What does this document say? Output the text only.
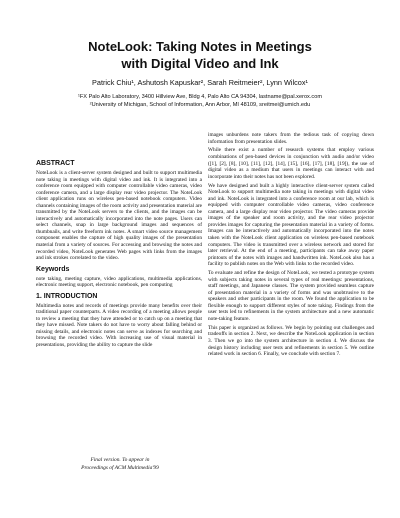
NoteLook: Taking Notes in Meetings
with Digital Video and Ink
Patrick Chiu¹, Ashutosh Kapuskar², Sarah Reitmeier², Lynn Wilcox¹
¹FX Palo Alto Laboratory, 3400 Hillview Ave, Bldg 4, Palo Alto CA 94304, lastname@pal.xerox.com
²University of Michigan, School of Information, Ann Arbor, MI 48109, sreitmei@umich.edu
ABSTRACT

NoteLook is a client-server system designed and built to support multimedia note taking in meetings with digital video and ink. It is integrated into a conference room equipped with computer controllable video cameras, video conference camera, and a large display rear video projector. The NoteLook client application runs on wireless pen-based notebook computers. Video channels containing images of the room activity and presentation material are transmitted by the NoteLook servers to the clients, and the images can be interactively and automatically incorporated into the note pages. Users can select channels, snap in large background images and sequences of thumbnails, and write freeform ink notes. A smart video source management component enables the capture of high quality images of the presentation material from a variety of sources. For accessing and browsing the notes and recorded video, NoteLook generates Web pages with links from the images and ink strokes correlated to the video.

Keywords

note taking, meeting capture, video applications, multimedia applications, electronic meeting support, electronic notebook, pen computing

1. INTRODUCTION

Multimedia notes and records of meetings provide many benefits over their traditional paper counterparts. A video recording of a meeting allows people to review a meeting that they have attended or to catch up on a meeting that they have missed. Note takers do not have to worry about falling behind or missing details, and electronic notes can serve as indexes for searching and browsing the recorded video. With increasing use of visual material in presentations, providing the ability to capture the slide

images unburdens note takers from the tedious task of copying down information from presentation slides.

While there exist a number of research systems that employ various combinations of pen-based devices in conjunction with audio and/or video ([1], [2], [8], [10], [11], [12], [14], [15], [16], [17], [18], [19]), the use of digital video as a medium that users in meetings can interact with and incorporate into their notes has not been explored.

We have designed and built a highly interactive client-server system called NoteLook to support multimedia note taking in meetings with digital video and ink. NoteLook is integrated into a conference room at our lab, which is equipped with computer controllable video cameras, video conference camera, and a large display rear video projector. The video cameras provide images of the speaker and room activity, and the rear video projector provides images for capturing the presentation material in a variety of forms. Images can be interactively and automatically incorporated into the notes taken with the NoteLook client application on wireless pen-based notebook computers. The video is transmitted over a wireless network and stored for later retrieval. At the end of a meeting, participants can take away paper printouts of the notes with images and handwritten ink. NoteLook also has a facility to publish notes on the Web with links to the recorded video.

To evaluate and refine the design of NoteLook, we tested a prototype system with subjects taking notes in several types of real meetings: presentations, staff meetings, and Japanese classes. The system provided seamless capture of presentation material in a variety of forms and was unobtrusive to the speakers and other participants in the room. We found the application to be flexible enough to support different styles of note taking. Findings from the user tests led to refinements in the system architecture and a new automatic note-taking feature.

This paper is organized as follows. We begin by pointing out challenges and tradeoffs in section 2. Next, we describe the NoteLook application in section 3. Then we go into the system architecture in section 4. We discuss the design history including user tests and refinements in section 5. We outline related work in section 6. Finally, we conclude with section 7.

Final version. To appear in
Proceedings of ACM Multimedia'99
